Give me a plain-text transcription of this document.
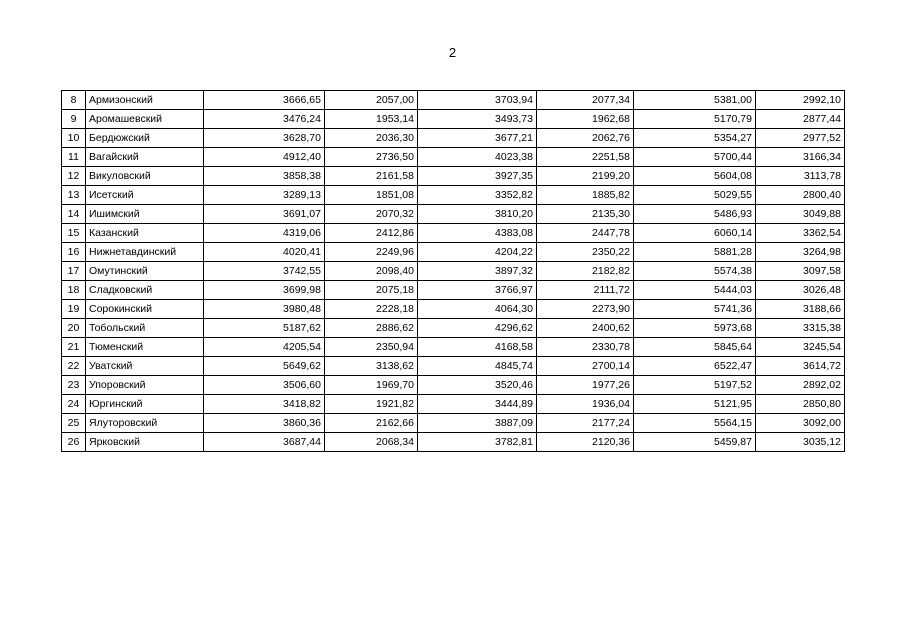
2
8	Армизонский	3666,65	2057,00	3703,94	2077,34	5381,00	2992,10
9	Аромашевский	3476,24	1953,14	3493,73	1962,68	5170,79	2877,44
10	Бердюжский	3628,70	2036,30	3677,21	2062,76	5354,27	2977,52
11	Вагайский	4912,40	2736,50	4023,38	2251,58	5700,44	3166,34
12	Викуловский	3858,38	2161,58	3927,35	2199,20	5604,08	3113,78
13	Исетский	3289,13	1851,08	3352,82	1885,82	5029,55	2800,40
14	Ишимский	3691,07	2070,32	3810,20	2135,30	5486,93	3049,88
15	Казанский	4319,06	2412,86	4383,08	2447,78	6060,14	3362,54
16	Нижнетавдинский	4020,41	2249,96	4204,22	2350,22	5881,28	3264,98
17	Омутинский	3742,55	2098,40	3897,32	2182,82	5574,38	3097,58
18	Сладковский	3699,98	2075,18	3766,97	2111,72	5444,03	3026,48
19	Сорокинский	3980,48	2228,18	4064,30	2273,90	5741,36	3188,66
20	Тобольский	5187,62	2886,62	4296,62	2400,62	5973,68	3315,38
21	Тюменский	4205,54	2350,94	4168,58	2330,78	5845,64	3245,54
22	Уватский	5649,62	3138,62	4845,74	2700,14	6522,47	3614,72
23	Упоровский	3506,60	1969,70	3520,46	1977,26	5197,52	2892,02
24	Юргинский	3418,82	1921,82	3444,89	1936,04	5121,95	2850,80
25	Ялуторовский	3860,36	2162,66	3887,09	2177,24	5564,15	3092,00
26	Ярковский	3687,44	2068,34	3782,81	2120,36	5459,87	3035,12
